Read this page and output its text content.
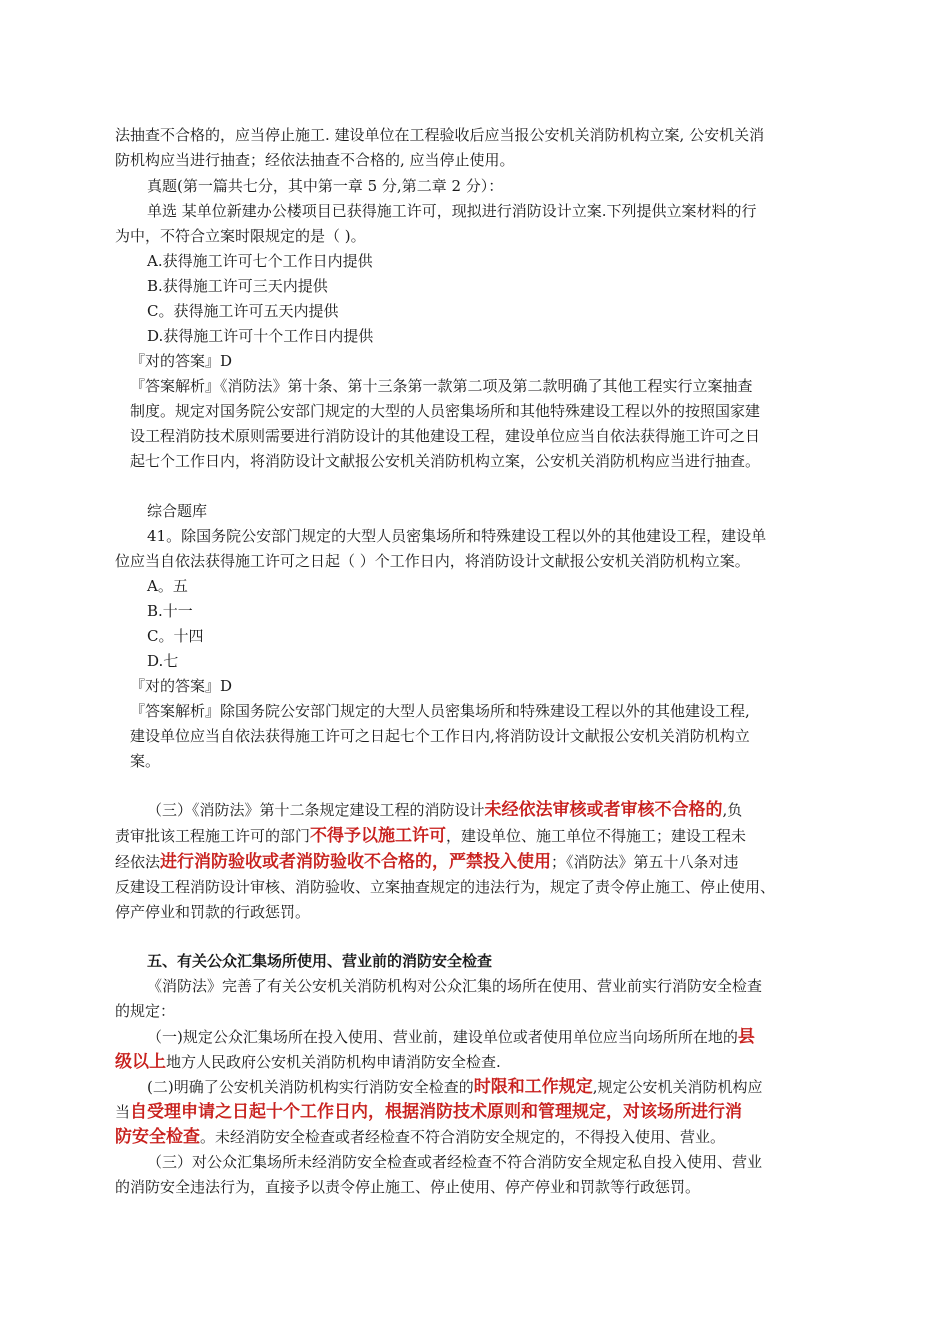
法抽查不合格的，应当停止施工. 建设单位在工程验收后应当报公安机关消防机构立案, 公安机关消
防机构应当进行抽查；经依法抽查不合格的, 应当停止使用。
真题(第一篇共七分，其中第一章 5 分,第二章 2 分）：
单选 某单位新建办公楼项目已获得施工许可，现拟进行消防设计立案.下列提供立案材料的行
为中，不符合立案时限规定的是（ )。
A.获得施工许可七个工作日内提供
B.获得施工许可三天内提供
C。获得施工许可五天内提供
D.获得施工许可十个工作日内提供
『对的答案』D
『答案解析』《消防法》第十条、第十三条第一款第二项及第二款明确了其他工程实行立案抽查
制度。规定对国务院公安部门规定的大型的人员密集场所和其他特殊建设工程以外的按照国家建
设工程消防技术原则需要进行消防设计的其他建设工程，建设单位应当自依法获得施工许可之日
起七个工作日内，将消防设计文献报公安机关消防机构立案，公安机关消防机构应当进行抽查。
综合题库
41。除国务院公安部门规定的大型人员密集场所和特殊建设工程以外的其他建设工程，建设单
位应当自依法获得施工许可之日起（ ）个工作日内，将消防设计文献报公安机关消防机构立案。
A。五
B.十一
C。十四
D.七
『对的答案』D
『答案解析』除国务院公安部门规定的大型人员密集场所和特殊建设工程以外的其他建设工程,
建设单位应当自依法获得施工许可之日起七个工作日内,将消防设计文献报公安机关消防机构立
案。
（三）《消防法》第十二条规定建设工程的消防设计未经依法审核或者审核不合格的,负
责审批该工程施工许可的部门不得予以施工许可，建设单位、施工单位不得施工；建设工程未
经依法进行消防验收或者消防验收不合格的，严禁投入使用；《消防法》第五十八条对违
反建设工程消防设计审核、消防验收、立案抽查规定的违法行为，规定了责令停止施工、停止使用、
停产停业和罚款的行政惩罚。
五、有关公众汇集场所使用、营业前的消防安全检查
《消防法》完善了有关公安机关消防机构对公众汇集的场所在使用、营业前实行消防安全检查
的规定：
（一)规定公众汇集场所在投入使用、营业前，建设单位或者使用单位应当向场所所在地的县
级以上地方人民政府公安机关消防机构申请消防安全检查.
(二)明确了公安机关消防机构实行消防安全检查的时限和工作规定,规定公安机关消防机构应
当自受理申请之日起十个工作日内，根据消防技术原则和管理规定，对该场所进行消
防安全检查。未经消防安全检查或者经检查不符合消防安全规定的，不得投入使用、营业。
（三）对公众汇集场所未经消防安全检查或者经检查不符合消防安全规定私自投入使用、营业
的消防安全违法行为，直接予以责令停止施工、停止使用、停产停业和罚款等行政惩罚。
